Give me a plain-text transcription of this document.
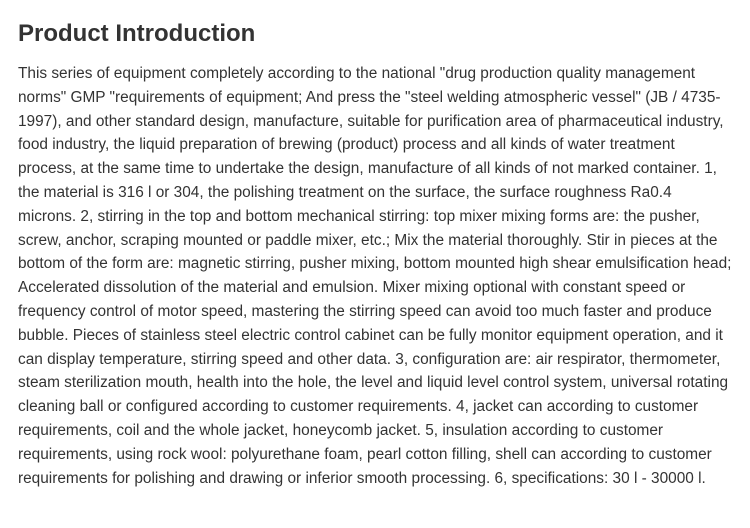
Product Introduction

This series of equipment completely according to the national "drug production quality management norms" GMP "requirements of equipment; And press the "steel welding atmospheric vessel" (JB / 4735-1997), and other standard design, manufacture, suitable for purification area of pharmaceutical industry, food industry, the liquid preparation of brewing (product) process and all kinds of water treatment process, at the same time to undertake the design, manufacture of all kinds of not marked container. 1, the material is 316 l or 304, the polishing treatment on the surface, the surface roughness Ra0.4 microns. 2, stirring in the top and bottom mechanical stirring: top mixer mixing forms are: the pusher, screw, anchor, scraping mounted or paddle mixer, etc.; Mix the material thoroughly. Stir in pieces at the bottom of the form are: magnetic stirring, pusher mixing, bottom mounted high shear emulsification head; Accelerated dissolution of the material and emulsion. Mixer mixing optional with constant speed or frequency control of motor speed, mastering the stirring speed can avoid too much faster and produce bubble. Pieces of stainless steel electric control cabinet can be fully monitor equipment operation, and it can display temperature, stirring speed and other data. 3, configuration are: air respirator, thermometer, steam sterilization mouth, health into the hole, the level and liquid level control system, universal rotating cleaning ball or configured according to customer requirements. 4, jacket can according to customer requirements, coil and the whole jacket, honeycomb jacket. 5, insulation according to customer requirements, using rock wool: polyurethane foam, pearl cotton filling, shell can according to customer requirements for polishing and drawing or inferior smooth processing. 6, specifications: 30 l - 30000 l.
